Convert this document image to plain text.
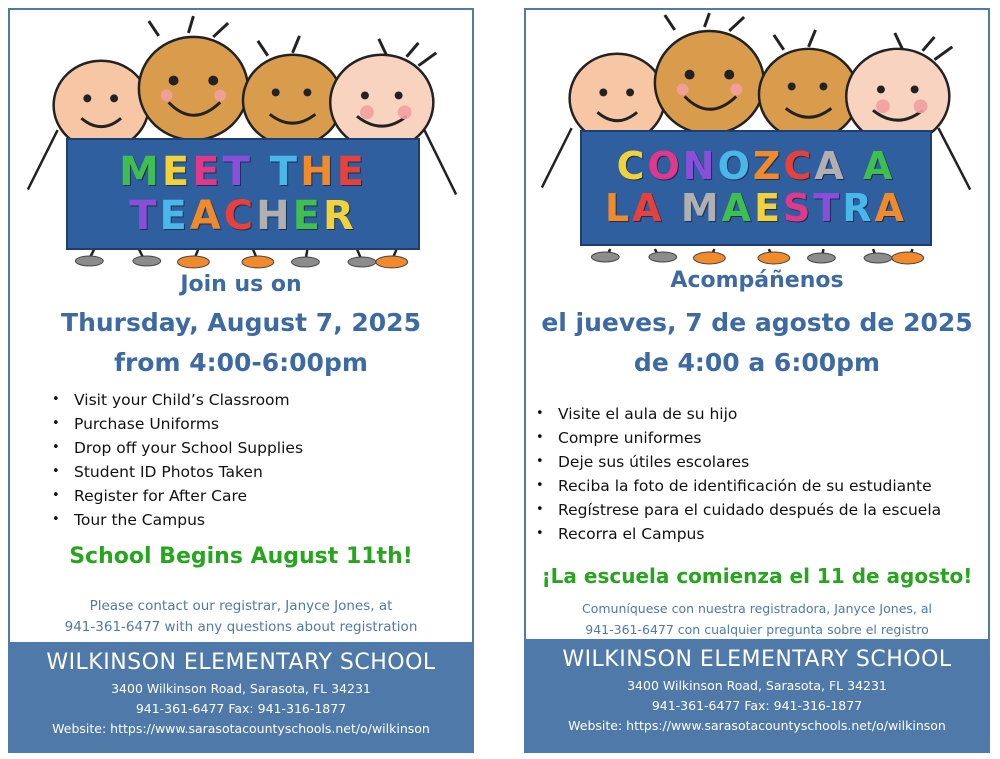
MEET THE
TEACHER
Join us on
Thursday, August 7, 2025
from 4:00-6:00pm
• Visit your Child’s Classroom
• Purchase Uniforms
• Drop off your School Supplies
• Student ID Photos Taken
• Register for After Care
• Tour the Campus
School Begins August 11th!
Please contact our registrar, Janyce Jones, at
941-361-6477 with any questions about registration
WILKINSON ELEMENTARY SCHOOL
3400 Wilkinson Road, Sarasota, FL 34231
941-361-6477 Fax: 941-316-1877
Website: https://www.sarasotacountyschools.net/o/wilkinson
CONOZCA A
LA MAESTRA
Acompáñenos
el jueves, 7 de agosto de 2025
de 4:00 a 6:00pm
• Visite el aula de su hijo
• Compre uniformes
• Deje sus útiles escolares
• Reciba la foto de identificación de su estudiante
• Regístrese para el cuidado después de la escuela
• Recorra el Campus
¡La escuela comienza el 11 de agosto!
Comuníquese con nuestra registradora, Janyce Jones, al
941-361-6477 con cualquier pregunta sobre el registro
WILKINSON ELEMENTARY SCHOOL
3400 Wilkinson Road, Sarasota, FL 34231
941-361-6477 Fax: 941-316-1877
Website: https://www.sarasotacountyschools.net/o/wilkinson
